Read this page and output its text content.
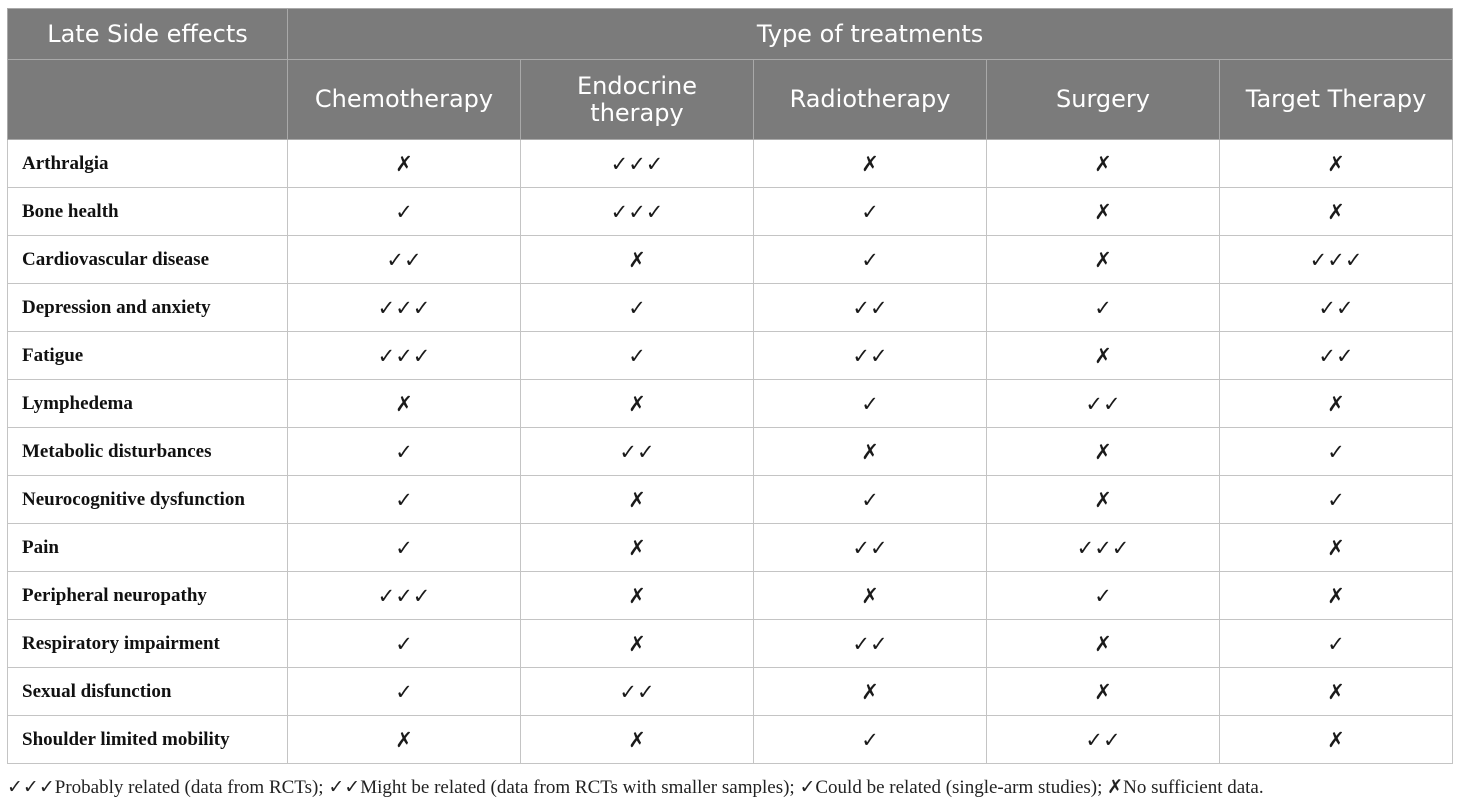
Late Side effects	Type of treatments				
	Chemotherapy	Endocrine therapy	Radiotherapy	Surgery	Target Therapy
Arthralgia	✗	✓✓✓	✗	✗	✗
Bone health	✓	✓✓✓	✓	✗	✗
Cardiovascular disease	✓✓	✗	✓	✗	✓✓✓
Depression and anxiety	✓✓✓	✓	✓✓	✓	✓✓
Fatigue	✓✓✓	✓	✓✓	✗	✓✓
Lymphedema	✗	✗	✓	✓✓	✗
Metabolic disturbances	✓	✓✓	✗	✗	✓
Neurocognitive dysfunction	✓	✗	✓	✗	✓
Pain	✓	✗	✓✓	✓✓✓	✗
Peripheral neuropathy	✓✓✓	✗	✗	✓	✗
Respiratory impairment	✓	✗	✓✓	✗	✓
Sexual disfunction	✓	✓✓	✗	✗	✗
Shoulder limited mobility	✗	✗	✓	✓✓	✗
✓✓✓Probably related (data from RCTs); ✓✓Might be related (data from RCTs with smaller samples); ✓Could be related (single-arm studies); ✗No sufficient data.
